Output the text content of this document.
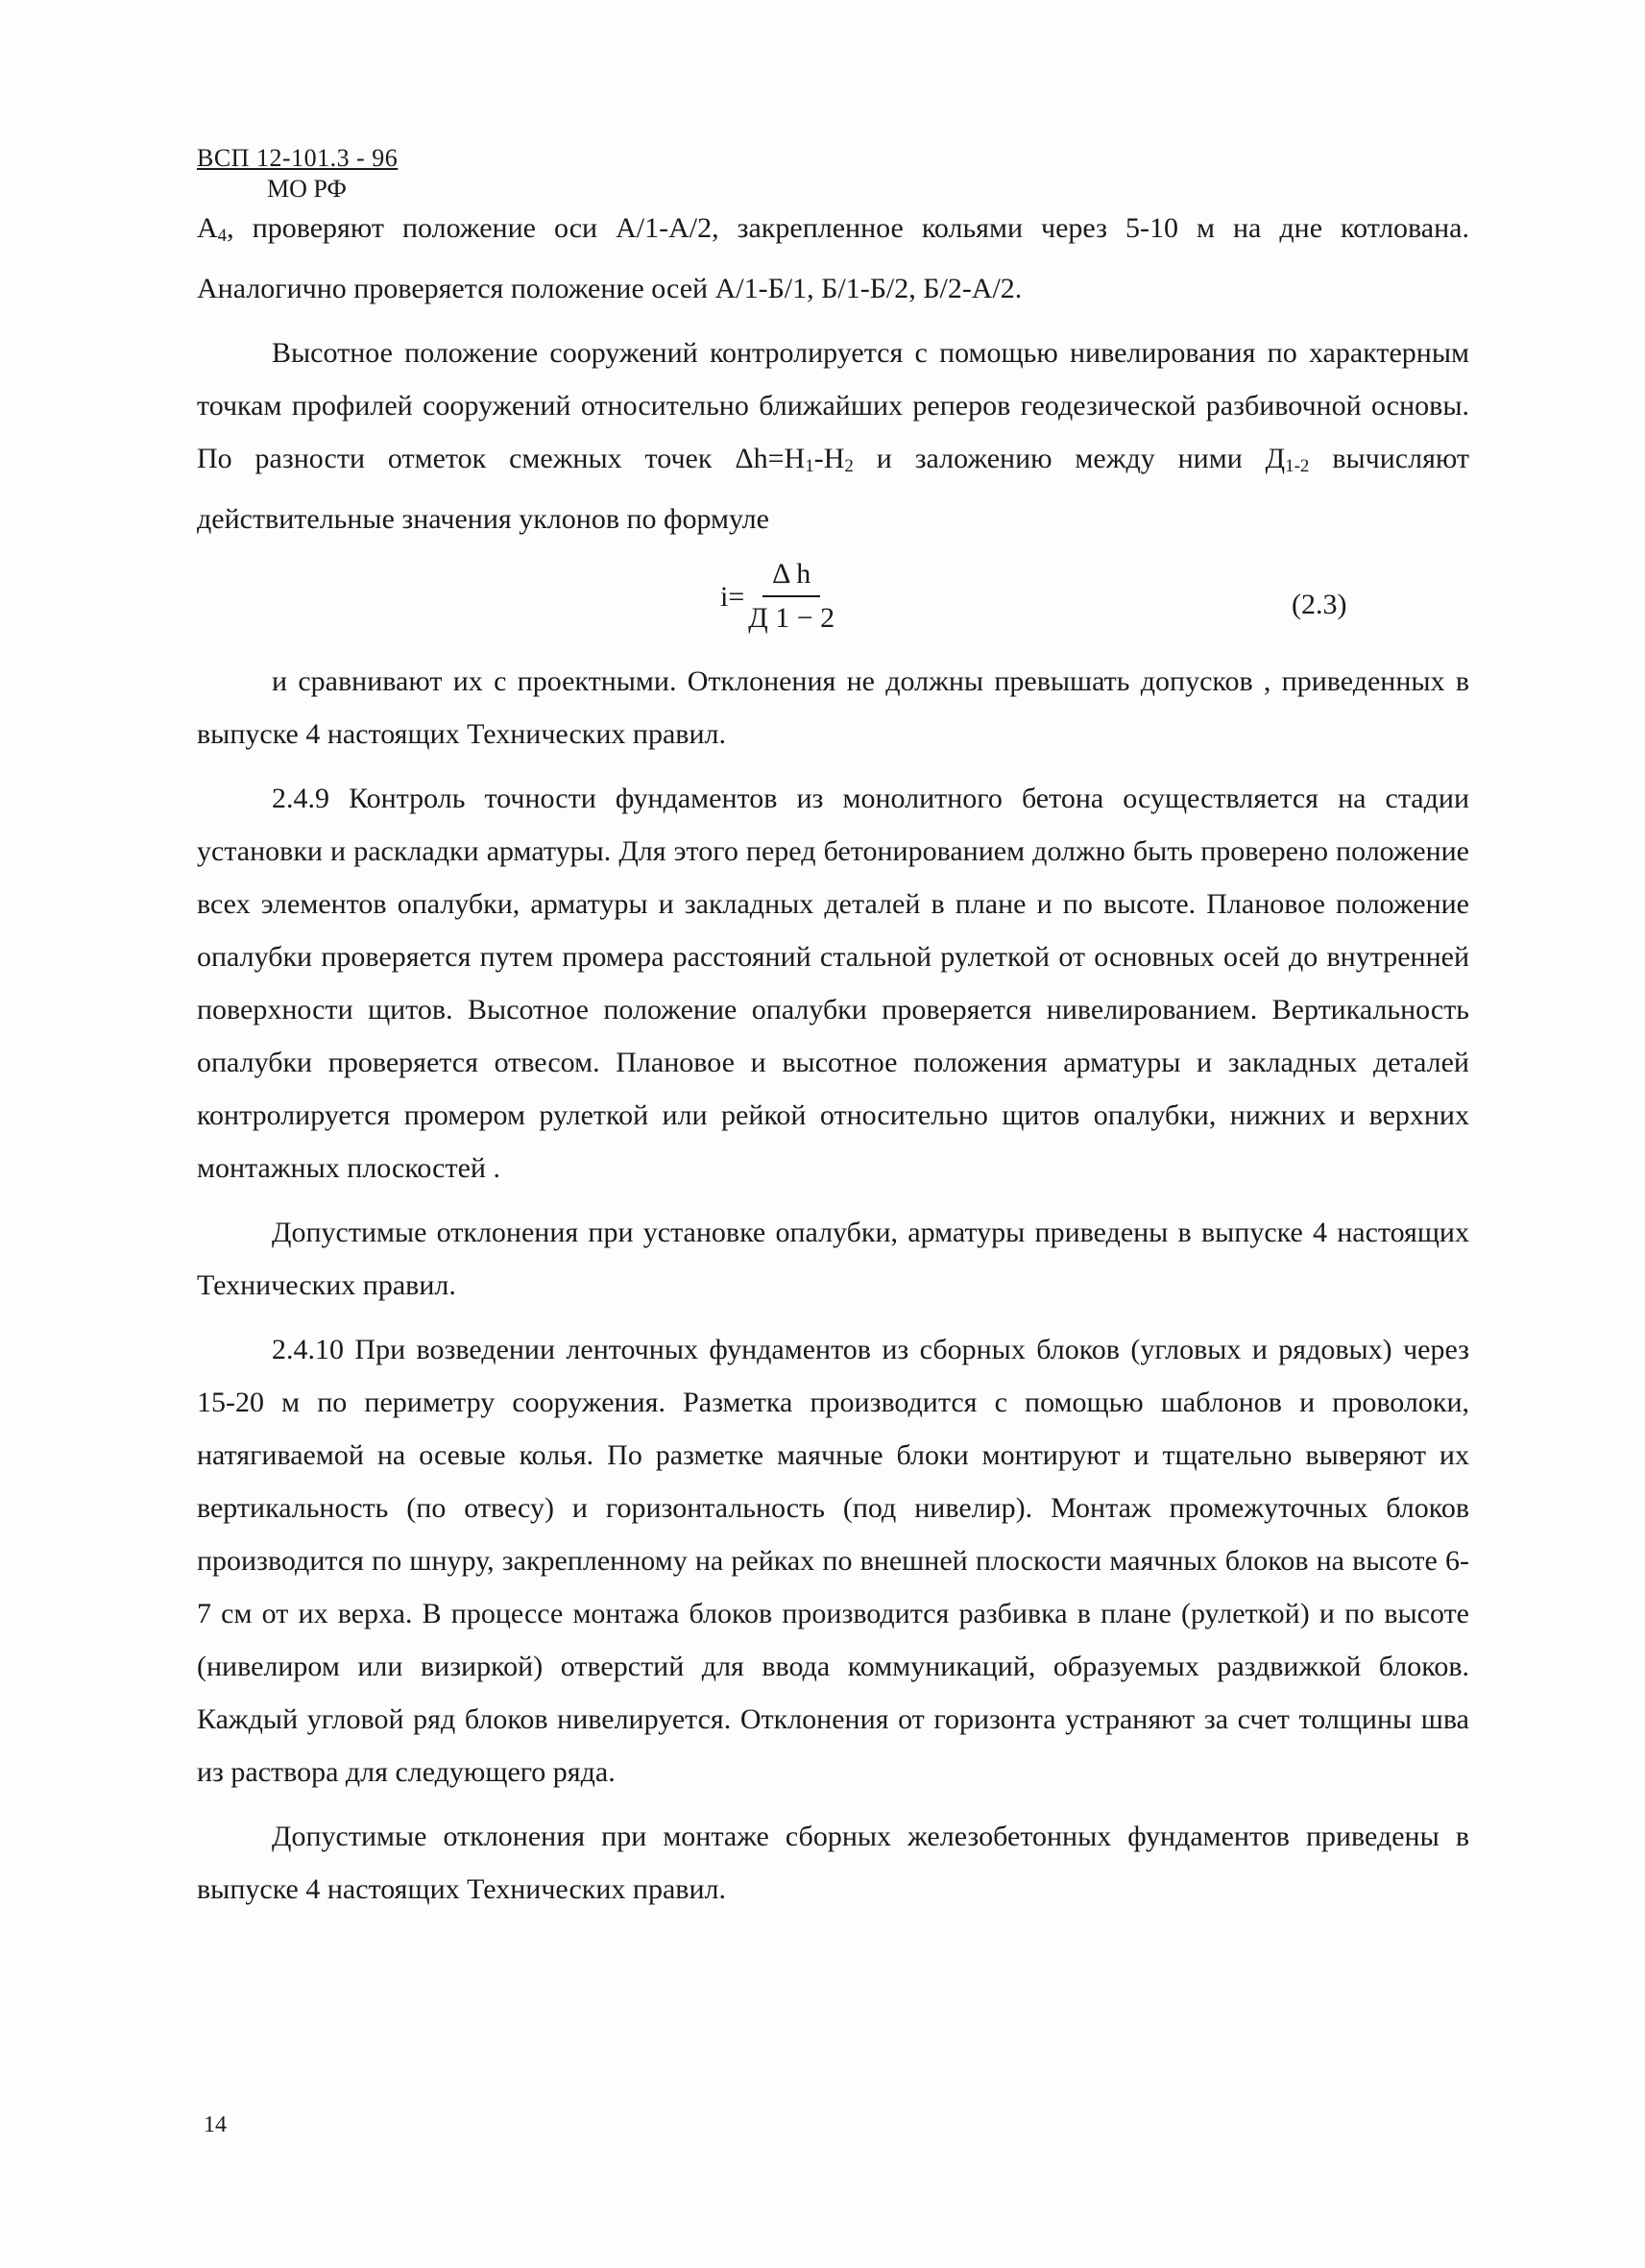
ВСП 12-101.3 - 96
МО РФ

$А_4$, проверяют положение оси А/1-А/2, закрепленное кольями через 5-10 м на дне котлована. Аналогично проверяется положение осей А/1-Б/1, Б/1-Б/2, Б/2-А/2.

Высотное положение сооружений контролируется с помощью нивелирования по характерным точкам профилей сооружений относительно ближайших реперов геодезической разбивочной основы. По разности отметок смежных точек $\Delta h=H_1-H_2$ и заложению между ними $Д_{1-2}$ вычисляют действительные значения уклонов по формуле

$i= \frac{\text{Δ h}}{Д 1 - 2}$	(2.3)

и сравнивают их с проектными. Отклонения не должны превышать допусков , приведенных в выпуске 4 настоящих Технических правил.

2.4.9 Контроль точности фундаментов из монолитного бетона осуществляется на стадии установки и раскладки арматуры. Для этого перед бетонированием должно быть проверено положение всех элементов опалубки, арматуры и закладных деталей в плане и по высоте. Плановое положение опалубки проверяется путем промера расстояний стальной рулеткой от основных осей до внутренней поверхности щитов. Высотное положение опалубки проверяется нивелированием. Вертикальность опалубки проверяется отвесом. Плановое и высотное положения арматуры и закладных деталей контролируется промером рулеткой или рейкой относительно щитов опалубки, нижних и верхних монтажных плоскостей .

Допустимые отклонения при установке опалубки, арматуры приведены в выпуске 4 настоящих Технических правил.

2.4.10 При возведении ленточных фундаментов из сборных блоков (угловых и рядовых) через 15-20 м по периметру сооружения. Разметка производится с помощью шаблонов и проволоки, натягиваемой на осевые колья. По разметке маячные блоки монтируют и тщательно выверяют их вертикальность (по отвесу) и горизонтальность (под нивелир). Монтаж промежуточных блоков производится по шнуру, закрепленному на рейках по внешней плоскости маячных блоков на высоте 6-7 см от их верха. В процессе монтажа блоков производится разбивка в плане (рулеткой) и по высоте (нивелиром или визиркой) отверстий для ввода коммуникаций, образуемых раздвижкой блоков. Каждый угловой ряд блоков нивелируется. Отклонения от горизонта устраняют за счет толщины шва из раствора для следующего ряда.

Допустимые отклонения при монтаже сборных железобетонных фундаментов приведены в выпуске 4 настоящих Технических правил.

14
